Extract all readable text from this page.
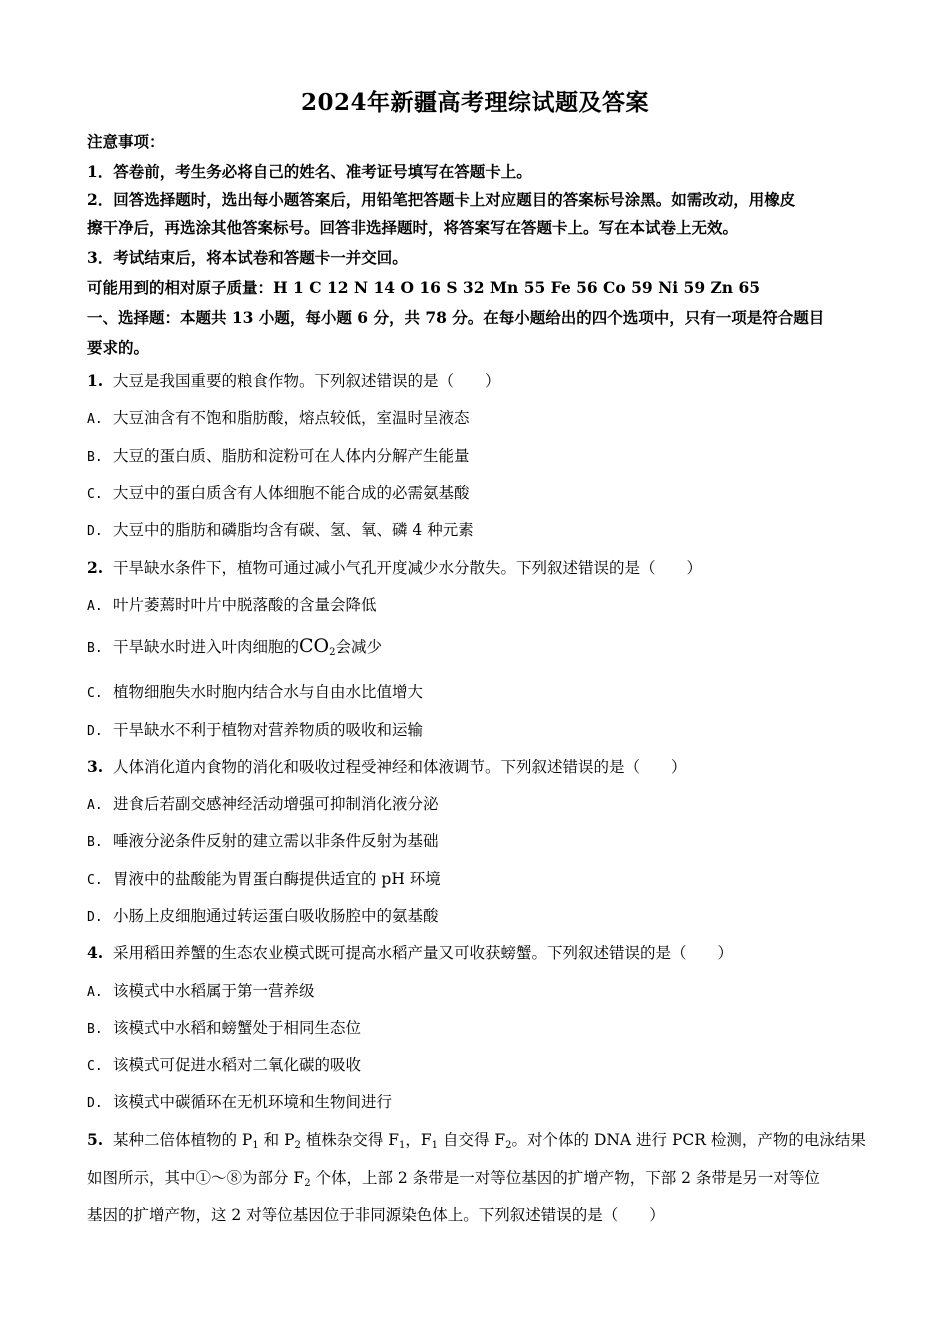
2024年新疆高考理综试题及答案
注意事项：
1．答卷前，考生务必将自己的姓名、准考证号填写在答题卡上。
2．回答选择题时，选出每小题答案后，用铅笔把答题卡上对应题目的答案标号涂黑。如需改动，用橡皮
擦干净后，再选涂其他答案标号。回答非选择题时，将答案写在答题卡上。写在本试卷上无效。
3．考试结束后，将本试卷和答题卡一并交回。
可能用到的相对原子质量：H 1 C 12 N 14 O 16 S 32 Mn 55 Fe 56 Co 59 Ni 59 Zn 65
一、选择题：本题共 13 小题，每小题 6 分，共 78 分。在每小题给出的四个选项中，只有一项是符合题目
要求的。
1. 大豆是我国重要的粮食作物。下列叙述错误的是（　　）
A. 大豆油含有不饱和脂肪酸，熔点较低，室温时呈液态
B. 大豆的蛋白质、脂肪和淀粉可在人体内分解产生能量
C. 大豆中的蛋白质含有人体细胞不能合成的必需氨基酸
D. 大豆中的脂肪和磷脂均含有碳、氢、氧、磷 4 种元素
2. 干旱缺水条件下，植物可通过减小气孔开度减少水分散失。下列叙述错误的是（　　）
A. 叶片萎蔫时叶片中脱落酸的含量会降低
B. 干旱缺水时进入叶肉细胞的$CO_2$会减少
C. 植物细胞失水时胞内结合水与自由水比值增大
D. 干旱缺水不利于植物对营养物质的吸收和运输
3. 人体消化道内食物的消化和吸收过程受神经和体液调节。下列叙述错误的是（　　）
A. 进食后若副交感神经活动增强可抑制消化液分泌
B. 唾液分泌条件反射的建立需以非条件反射为基础
C. 胃液中的盐酸能为胃蛋白酶提供适宜的 pH 环境
D. 小肠上皮细胞通过转运蛋白吸收肠腔中的氨基酸
4. 采用稻田养蟹的生态农业模式既可提高水稻产量又可收获螃蟹。下列叙述错误的是（　　）
A. 该模式中水稻属于第一营养级
B. 该模式中水稻和螃蟹处于相同生态位
C. 该模式可促进水稻对二氧化碳的吸收
D. 该模式中碳循环在无机环境和生物间进行
5. 某种二倍体植物的 $P_1$ 和 $P_2$ 植株杂交得 $F_1$，$F_1$ 自交得 $F_2$。对个体的 DNA 进行 PCR 检测，产物的电泳结果
如图所示，其中①～⑧为部分 $F_2$ 个体，上部 2 条带是一对等位基因的扩增产物，下部 2 条带是另一对等位
基因的扩增产物，这 2 对等位基因位于非同源染色体上。下列叙述错误的是（　　）
